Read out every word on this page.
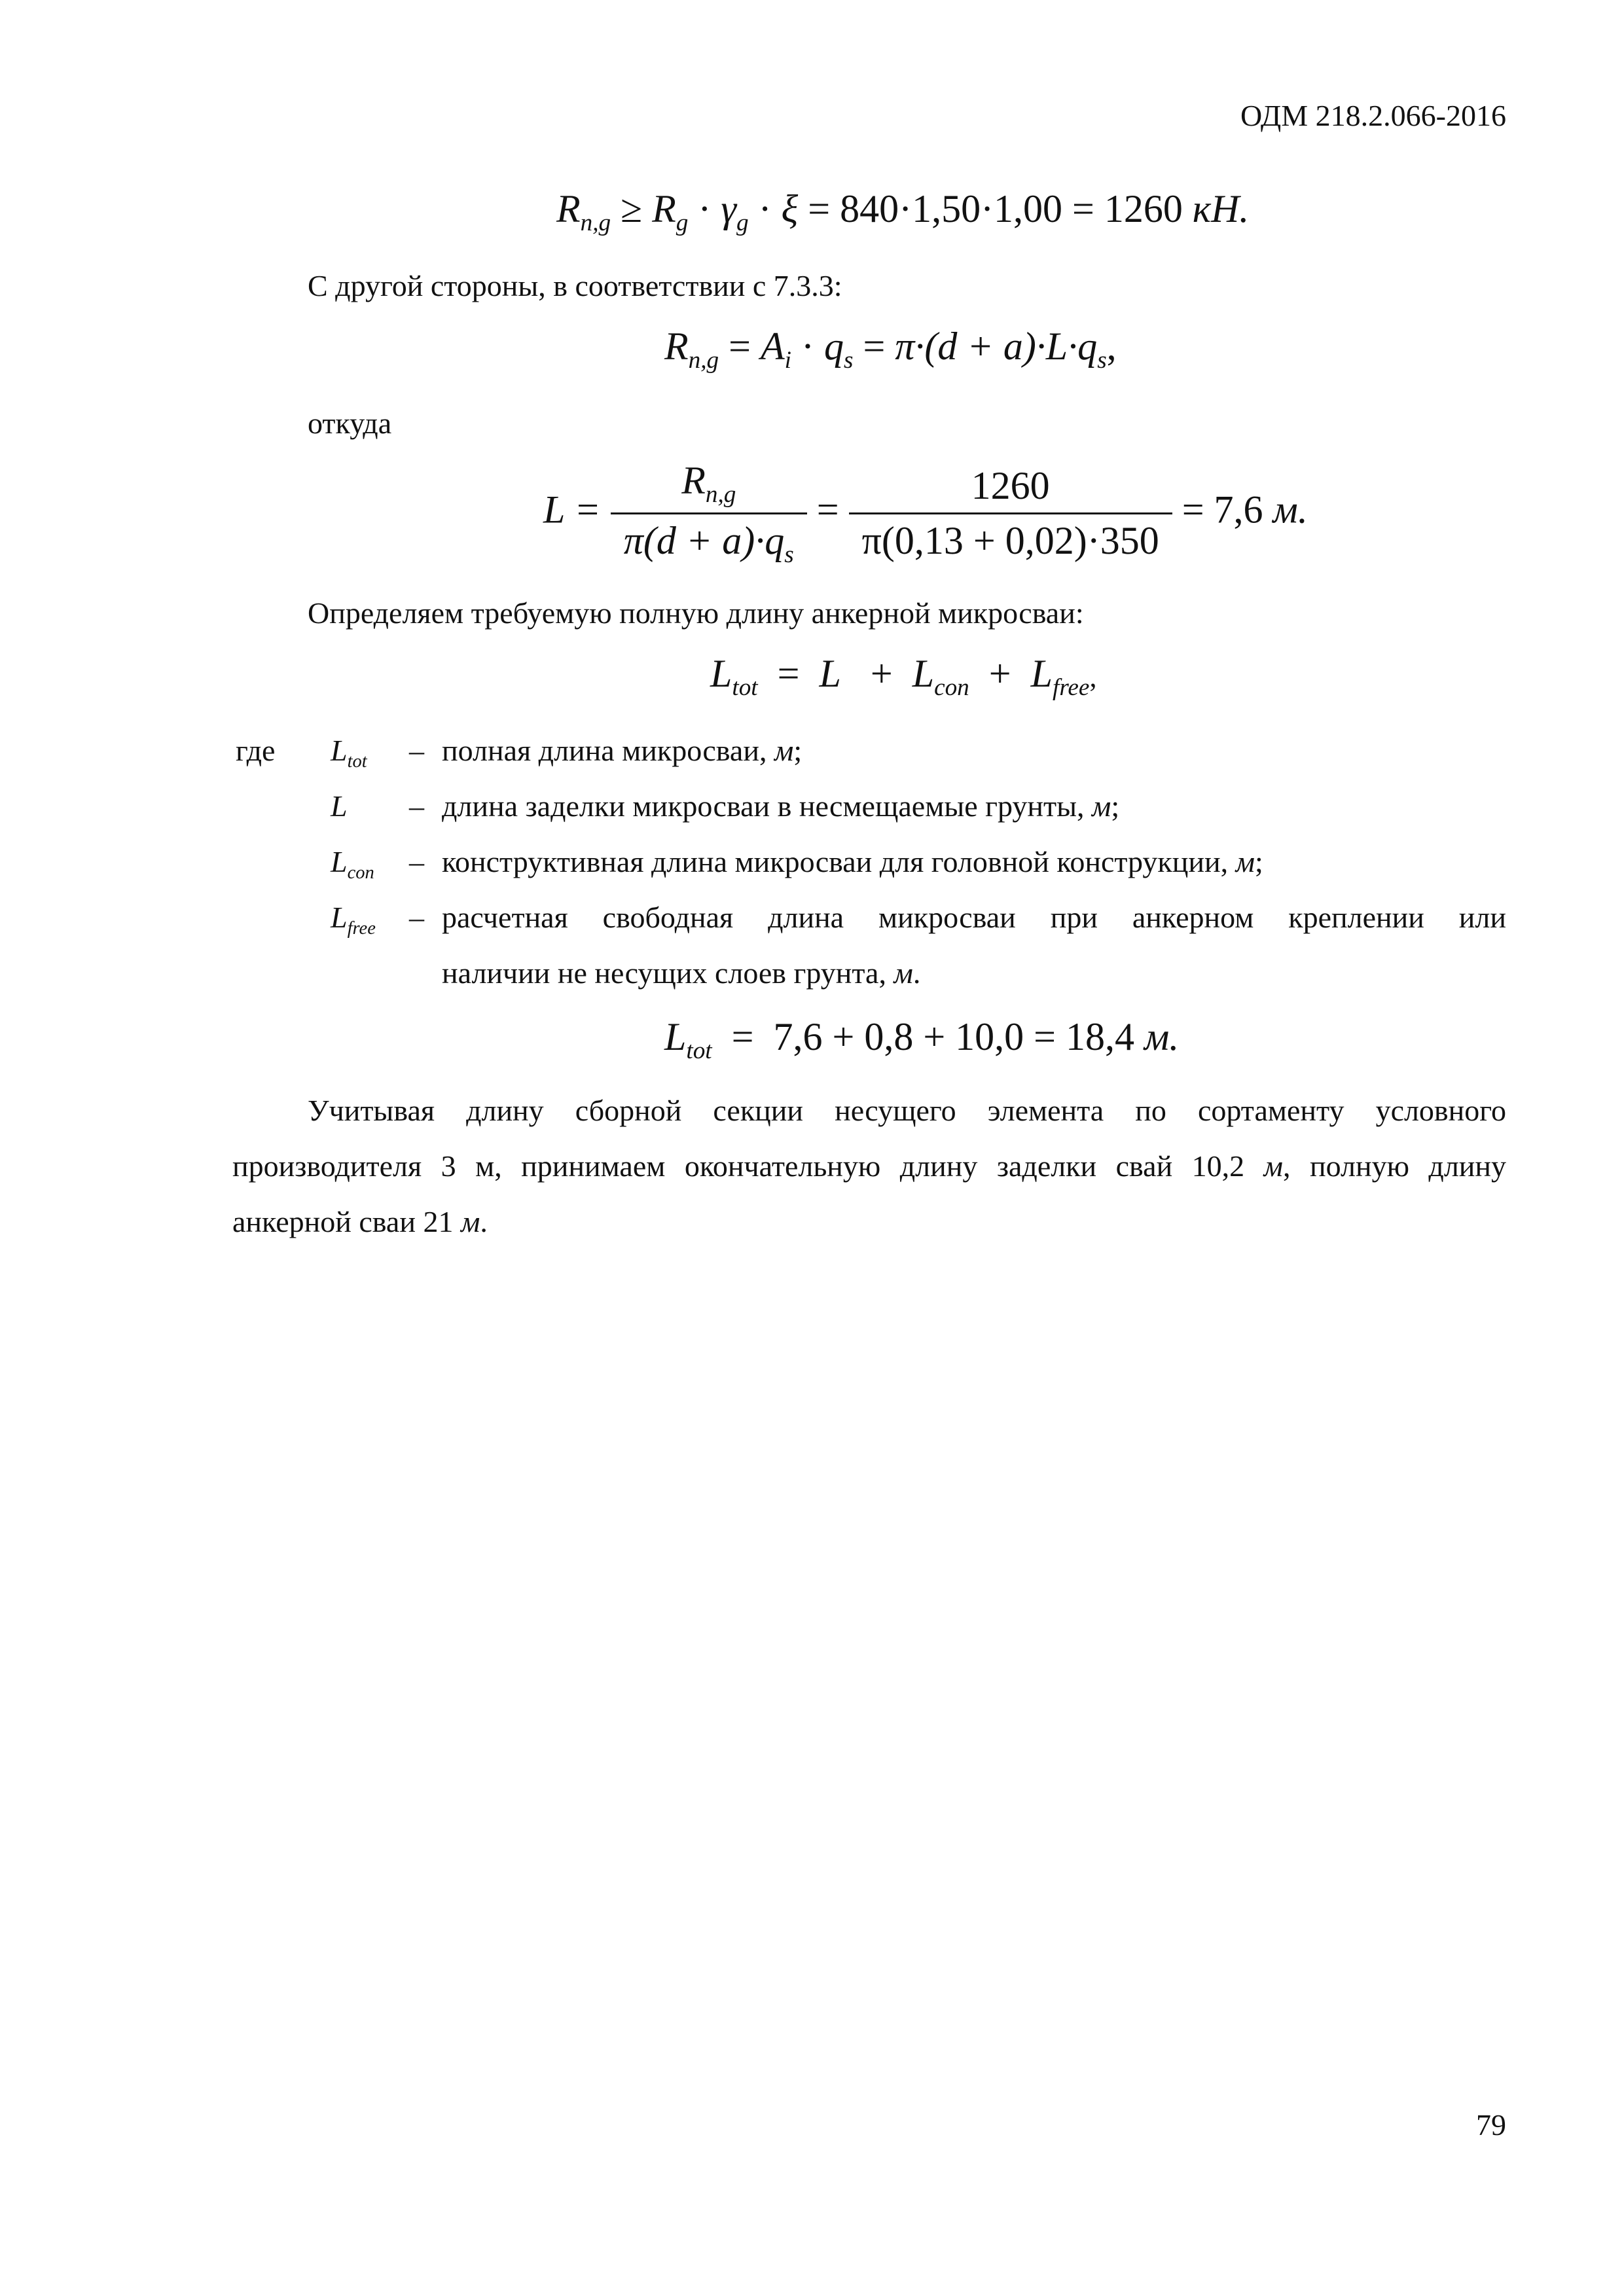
ОДМ 218.2.066-2016
$R_{n,g} \ge R_g \cdot \gamma_g \cdot \xi = 840\cdot 1,50\cdot 1,00 = 1260$ кН.
С другой стороны, в соответствии с 7.3.3:
$R_{n,g} = A_i \cdot q_s = \pi\cdot(d + a)\cdot L\cdot q_s$,
откуда
$L = \frac{R_{n,g}}{\pi(d + a)\cdot q_s} = \frac{1260}{\pi(0,13 + 0,02)\cdot 350} = 7,6$ м.
Определяем требуемую полную длину анкерной микросваи:
$L_{tot} = L + L_{con} + L_{free}$,
где $L_{tot}$ – полная длина микросваи, м;
L – длина заделки микросваи в несмещаемые грунты, м;
$L_{con}$ – конструктивная длина микросваи для головной конструкции, м;
$L_{free}$ – расчетная свободная длина микросваи при анкерном креплении или
наличии не несущих слоев грунта, м.
$L_{tot} = 7,6 + 0,8 + 10,0 = 18,4$ м.
Учитывая длину сборной секции несущего элемента по сортаменту условного
производителя 3 м, принимаем окончательную длину заделки свай 10,2 м, полную длину
анкерной сваи 21 м.
79
